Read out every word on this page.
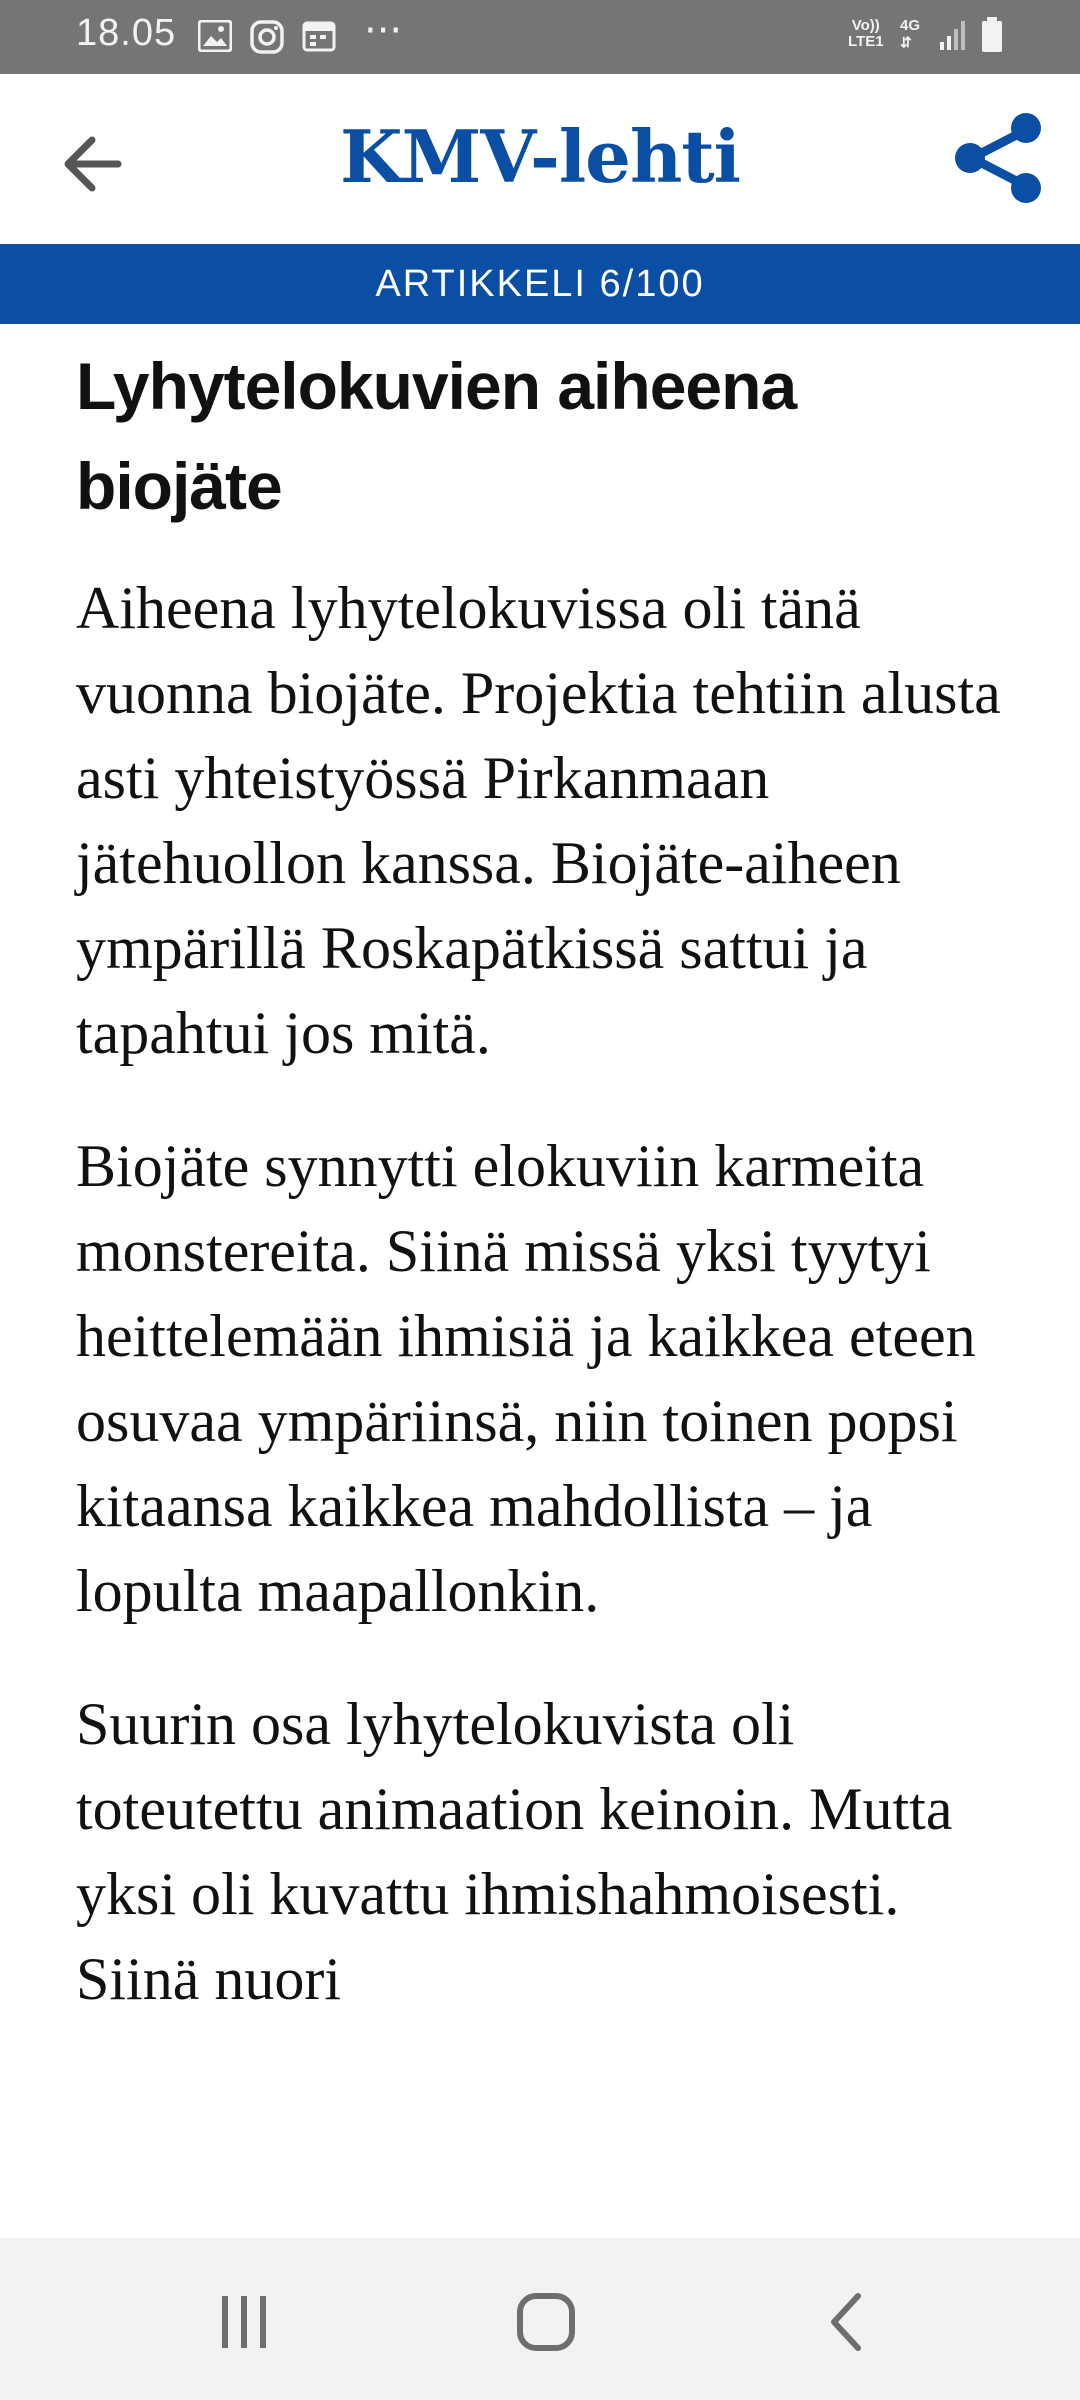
18.05	···	Vo))
LTE1
4G
⇵
KMV-lehti
ARTIKKELI 6/100
Lyhytelokuvien aiheena biojäte

Aiheena lyhytelokuvissa oli tänä vuonna biojäte. Projektia tehtiin alusta asti yhteistyössä Pirkanmaan jätehuollon kanssa. Biojäte-aiheen ympärillä Roskapätkissä sattui ja tapahtui jos mitä.

Biojäte synnytti elokuviin karmeita monstereita. Siinä missä yksi tyytyi heittelemään ihmisiä ja kaikkea eteen osuvaa ympäriinsä, niin toinen popsi kitaansa kaikkea mahdollista – ja lopulta maapallonkin.

Suurin osa lyhytelokuvista oli toteutettu animaation keinoin. Mutta yksi oli kuvattu ihmishahmoisesti. Siinä nuori
